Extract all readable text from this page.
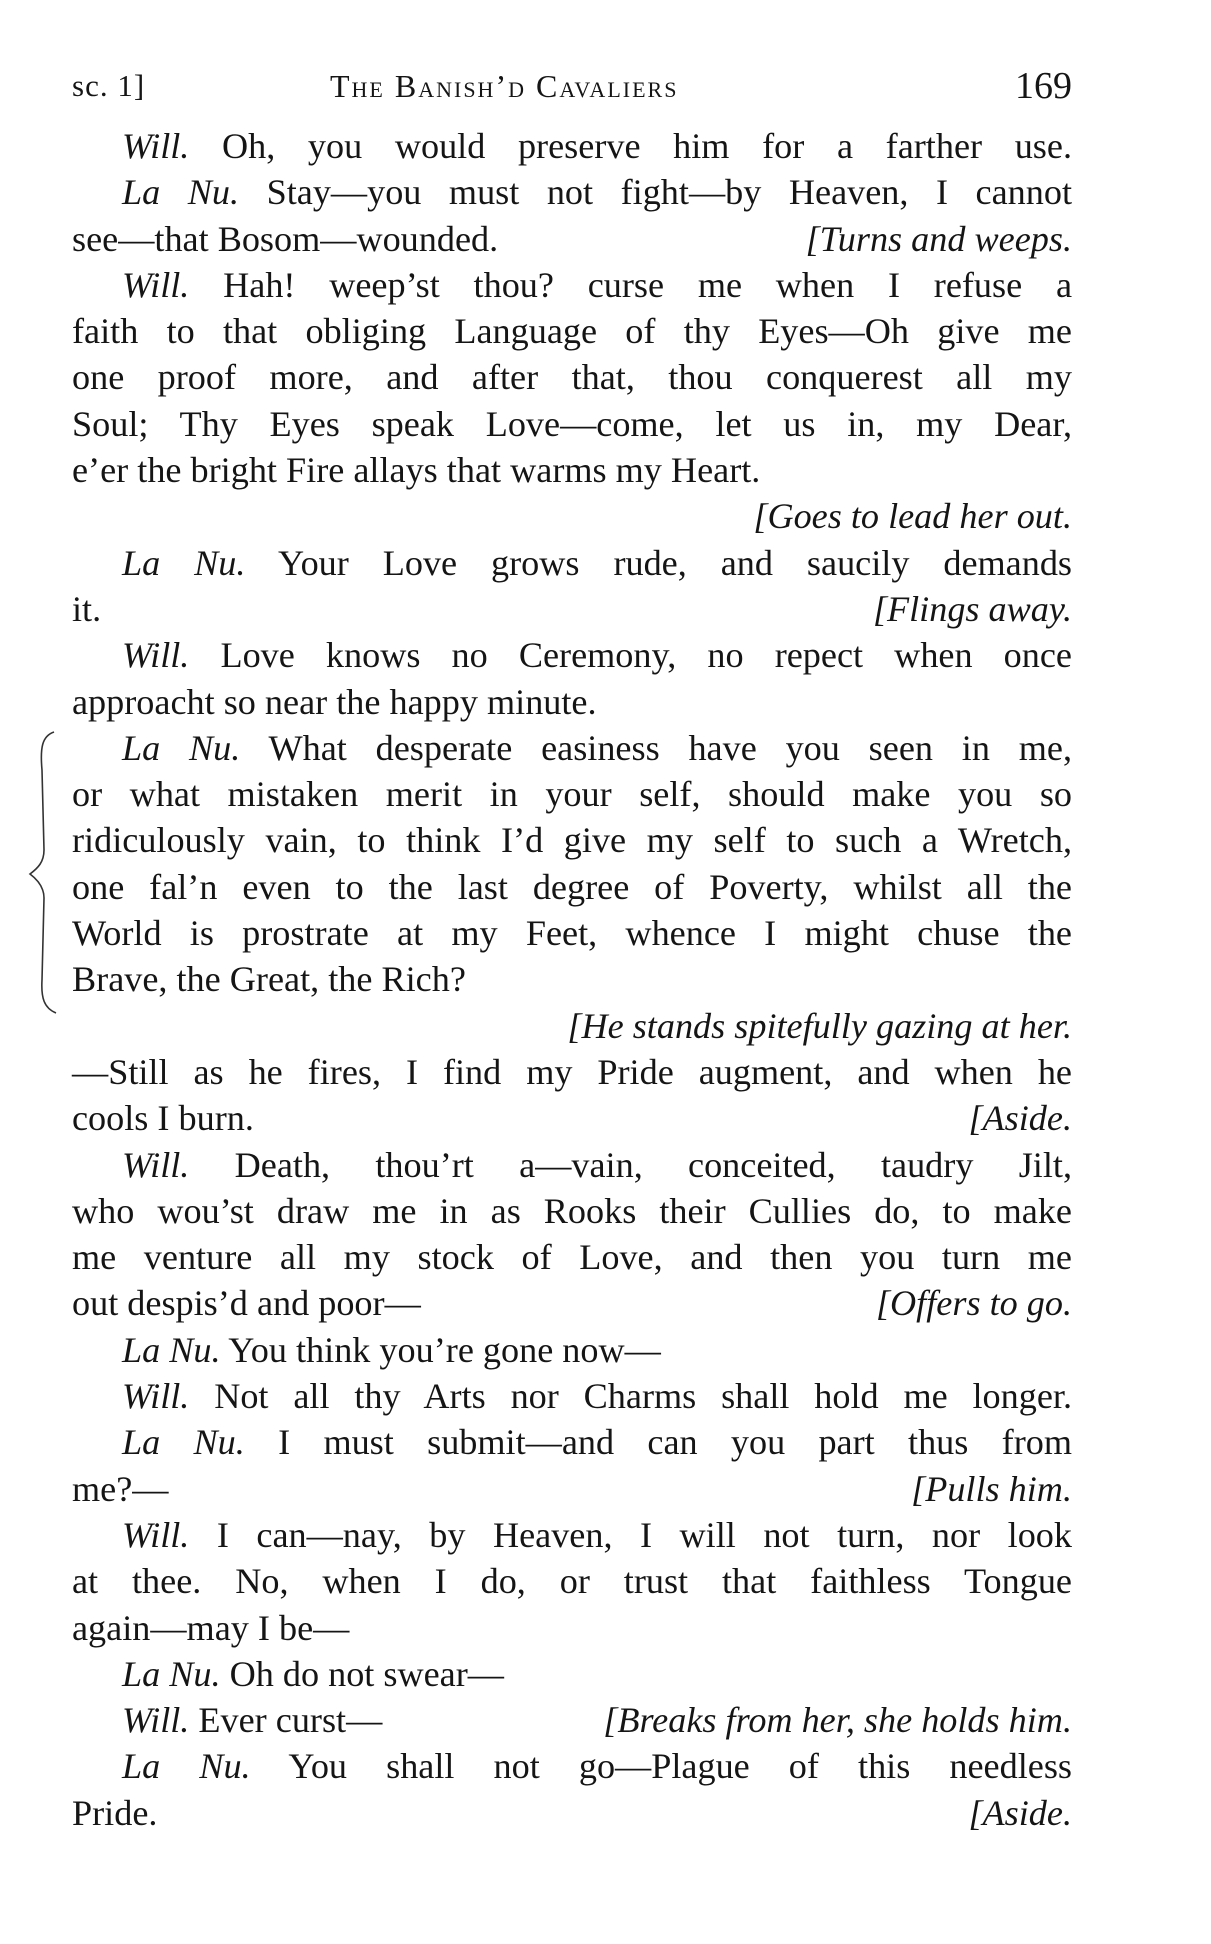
sc. 1]	The Banish’d Cavaliers	169
Will. Oh, you would preserve him for a farther use.
La Nu. Stay—you must not fight—by Heaven, I cannot
see—that Bosom—wounded.	[Turns and weeps.
Will. Hah! weep’st thou? curse me when I refuse a
faith to that obliging Language of thy Eyes—Oh give me
one proof more, and after that, thou conquerest all my
Soul; Thy Eyes speak Love—come, let us in, my Dear,
e’er the bright Fire allays that warms my Heart.
[Goes to lead her out.
La Nu. Your Love grows rude, and saucily demands
it.	[Flings away.
Will. Love knows no Ceremony, no repect when once
approacht so near the happy minute.
La Nu. What desperate easiness have you seen in me,
or what mistaken merit in your self, should make you so
ridiculously vain, to think I’d give my self to such a Wretch,
one fal’n even to the last degree of Poverty, whilst all the
World is prostrate at my Feet, whence I might chuse the
Brave, the Great, the Rich?
[He stands spitefully gazing at her.
—Still as he fires, I find my Pride augment, and when he
cools I burn.	[Aside.
Will. Death, thou’rt a—vain, conceited, taudry Jilt,
who wou’st draw me in as Rooks their Cullies do, to make
me venture all my stock of Love, and then you turn me
out despis’d and poor—	[Offers to go.
La Nu. You think you’re gone now—
Will. Not all thy Arts nor Charms shall hold me longer.
La Nu. I must submit—and can you part thus from
me?—	[Pulls him.
Will. I can—nay, by Heaven, I will not turn, nor look
at thee. No, when I do, or trust that faithless Tongue
again—may I be—
La Nu. Oh do not swear—
Will. Ever curst—	[Breaks from her, she holds him.
La Nu. You shall not go—Plague of this needless
Pride.	[Aside.
